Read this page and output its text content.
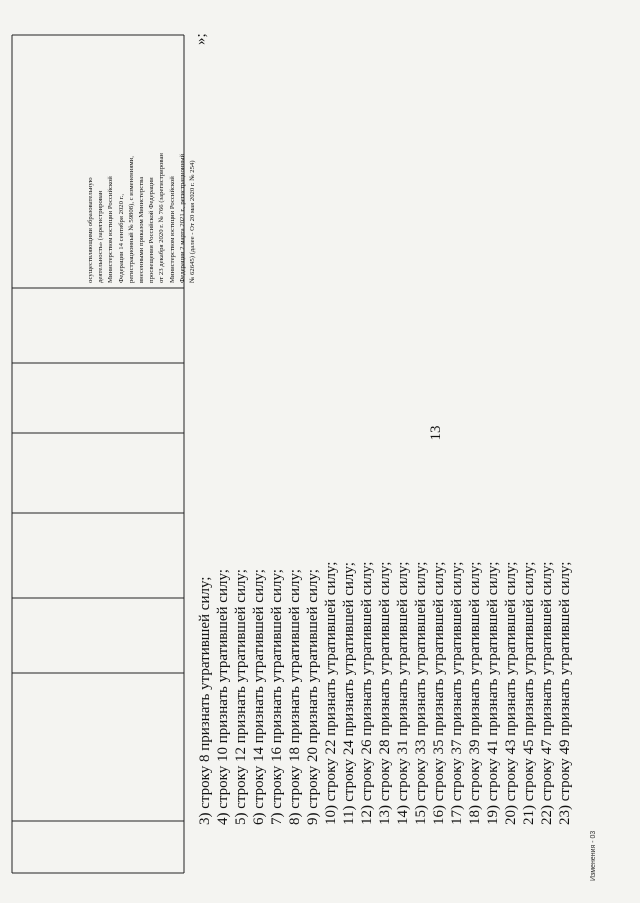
13
осуществляющими образовательную деятельность» (зарегистрирован Министерством юстиции Российской Федерации 14 сентября 2020 г., регистрационный № 59808), с изменениями, внесенными приказом Министерства просвещения Российской Федерации от 23 декабря 2020 г. № 766 (зарегистрирован Министерством юстиции Российской Федерации 2 марта 2021 г., регистрационный № 62645) (далее - От 20 мая 2020 г. № 254)
»;
3) строку 8 признать утратившей силу; 4) строку 10 признать утратившей силу; 5) строку 12 признать утратившей силу; 6) строку 14 признать утратившей силу; 7) строку 16 признать утратившей силу; 8) строку 18 признать утратившей силу; 9) строку 20 признать утратившей силу; 10) строку 22 признать утратившей силу; 11) строку 24 признать утратившей силу; 12) строку 26 признать утратившей силу; 13) строку 28 признать утратившей силу; 14) строку 31 признать утратившей силу; 15) строку 33 признать утратившей силу; 16) строку 35 признать утратившей силу; 17) строку 37 признать утратившей силу; 18) строку 39 признать утратившей силу; 19) строку 41 признать утратившей силу; 20) строку 43 признать утратившей силу; 21) строку 45 признать утратившей силу; 22) строку 47 признать утратившей силу; 23) строку 49 признать утратившей силу;
Изменения - 03
